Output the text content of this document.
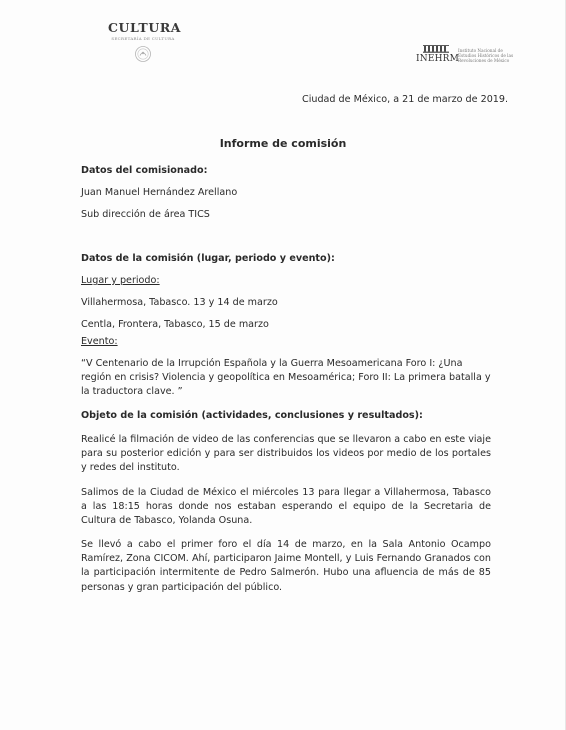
CULTURA
SECRETARÍA DE CULTURA
INEHRM
Instituto Nacional de
Estudios Históricos de las
Revoluciones de México
Ciudad de México, a 21 de marzo de 2019.
Informe de comisión
Datos del comisionado:
Juan Manuel Hernández Arellano
Sub dirección de área TICS
Datos de la comisión (lugar, periodo y evento):
Lugar y periodo:
Villahermosa, Tabasco. 13 y 14 de marzo
Centla, Frontera, Tabasco, 15 de marzo
Evento:
“V Centenario de la Irrupción Española y la Guerra Mesoamericana Foro I: ¿Una región en crisis? Violencia y geopolítica en Mesoamérica; Foro II: La primera batalla y la traductora clave. ”
Objeto de la comisión (actividades, conclusiones y resultados):
Realicé la filmación de video de las conferencias que se llevaron a cabo en este viaje para su posterior edición y para ser distribuidos los videos por medio de los portales y redes del instituto.
Salimos de la Ciudad de México el miércoles 13 para llegar a Villahermosa, Tabasco a las 18:15 horas donde nos estaban esperando el equipo de la Secretaria de Cultura de Tabasco, Yolanda Osuna.
Se llevó a cabo el primer foro el día 14 de marzo, en la Sala Antonio Ocampo Ramírez, Zona CICOM. Ahí, participaron Jaime Montell, y Luis Fernando Granados con la participación intermitente de Pedro Salmerón. Hubo una afluencia de más de 85 personas y gran participación del público.
